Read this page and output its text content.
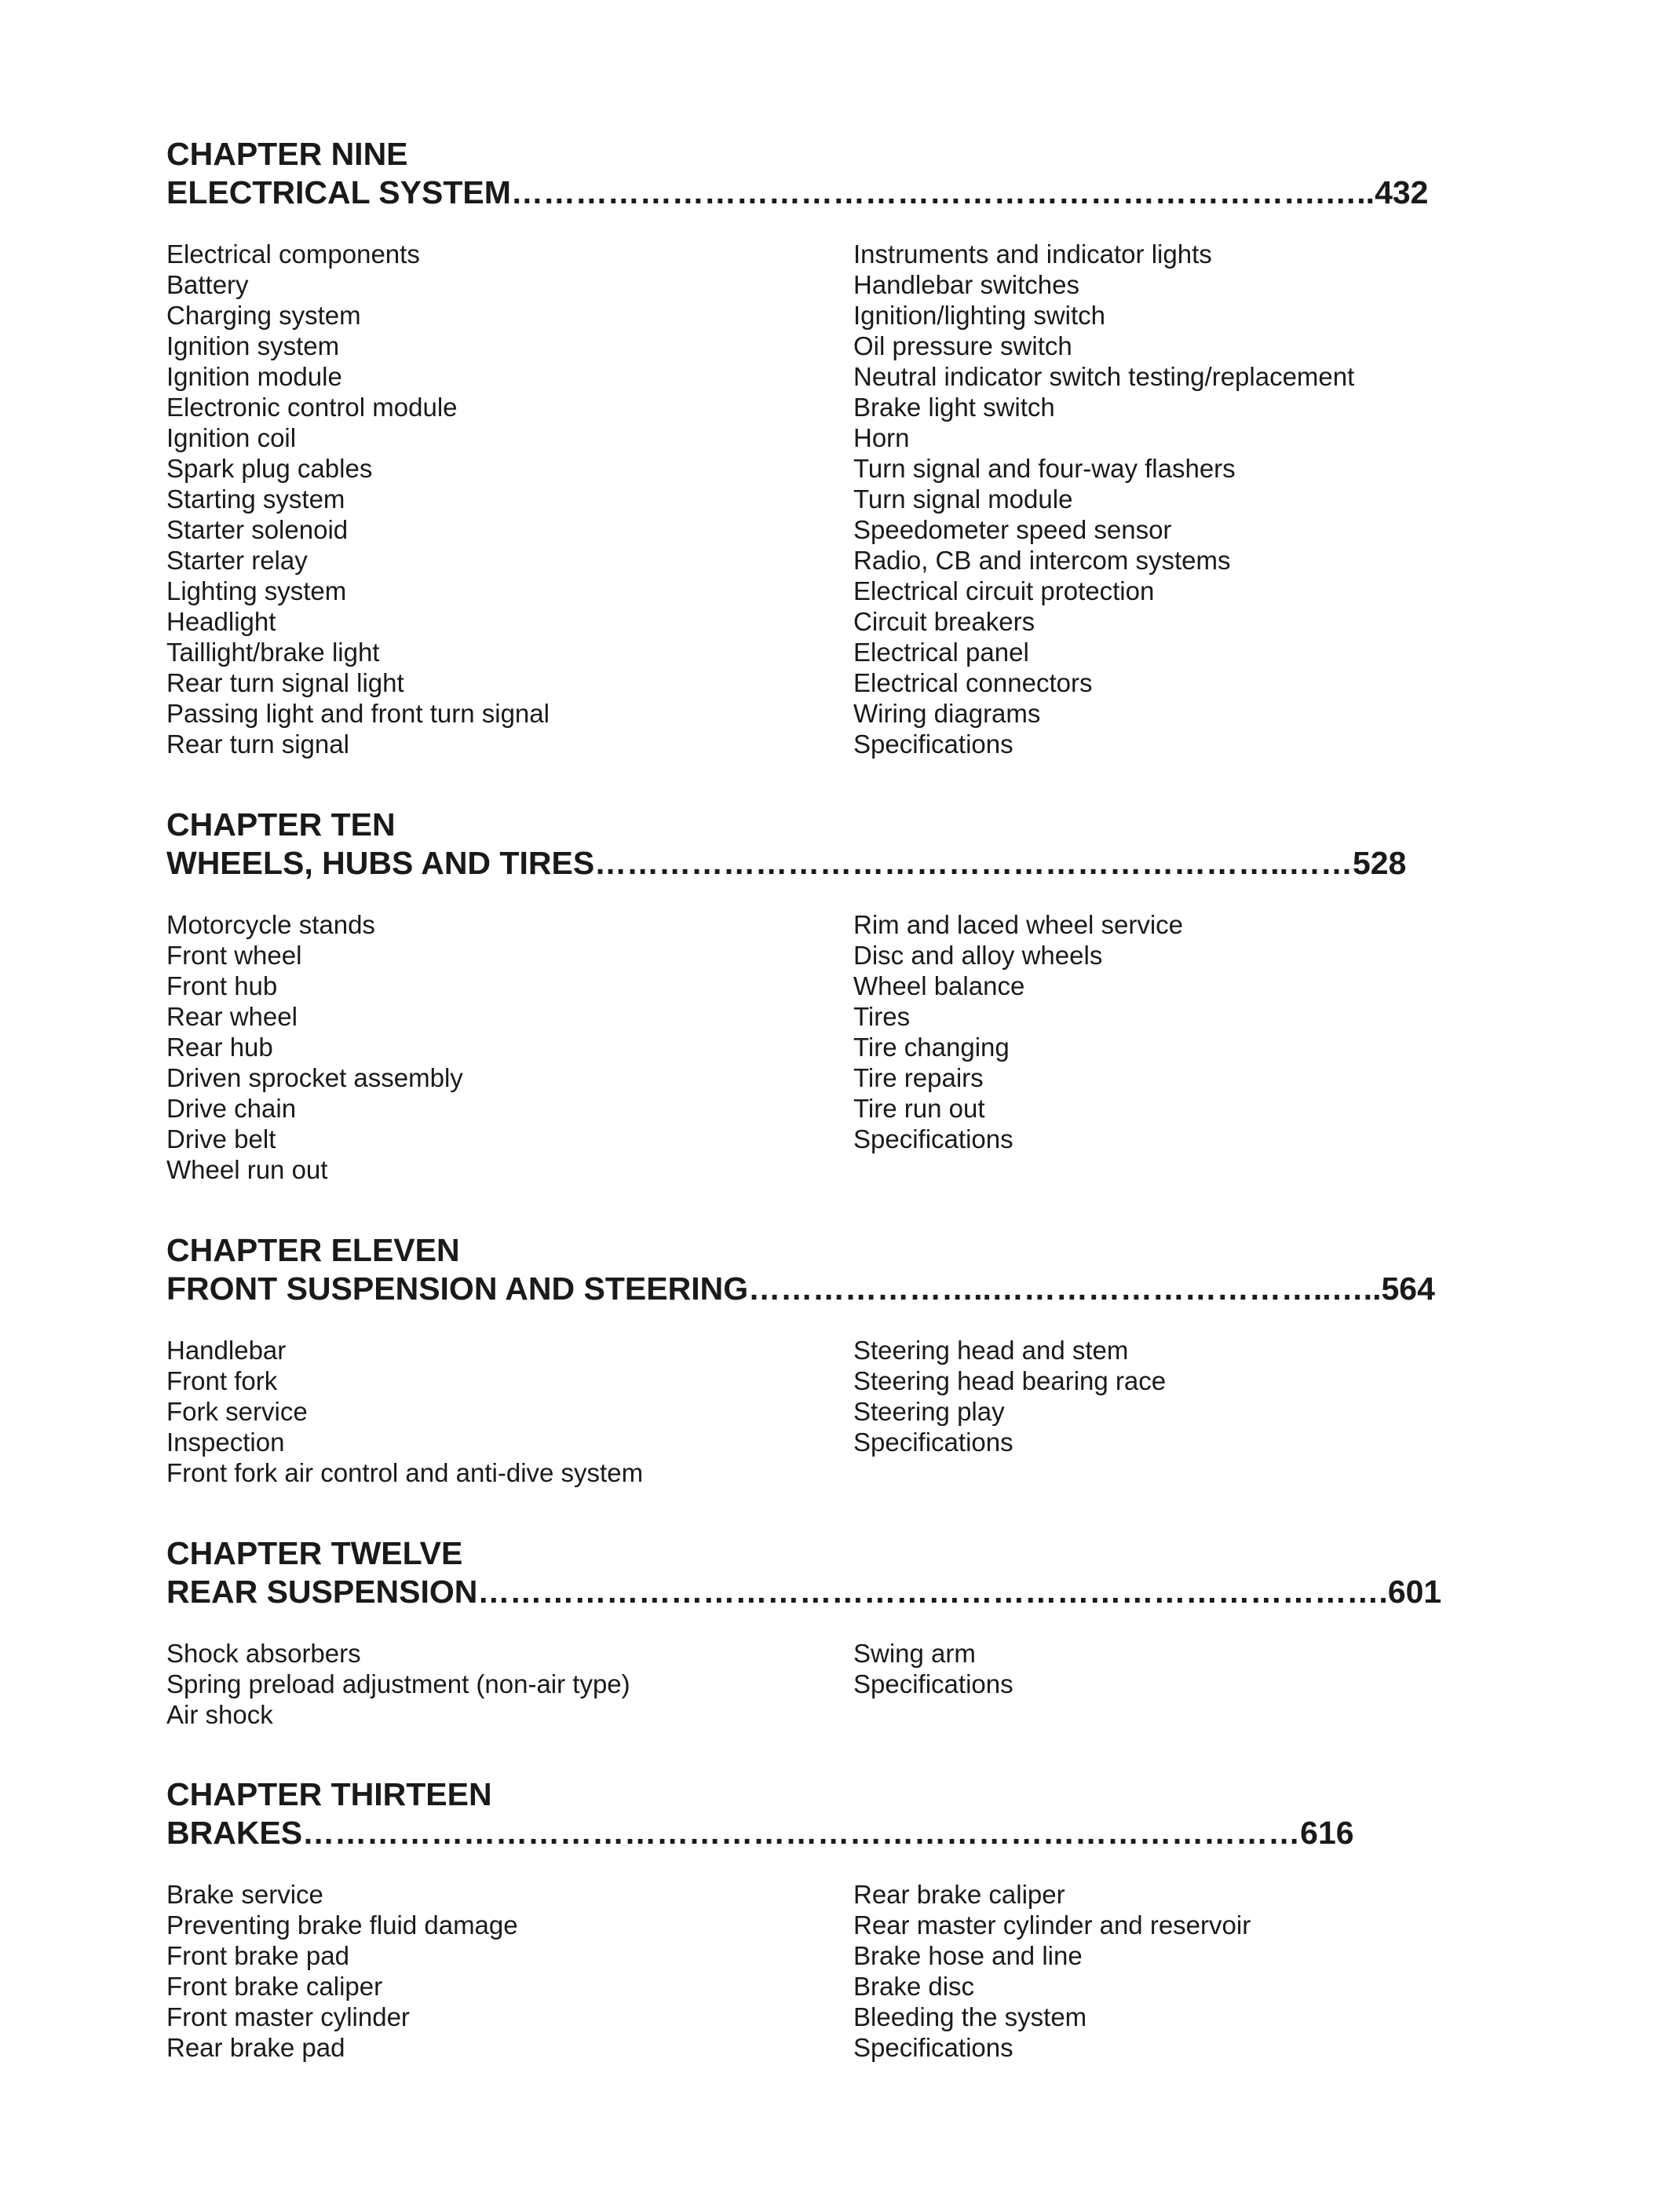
CHAPTER NINE
ELECTRICAL SYSTEM………………………………………………………………….…..432
Electrical components
Battery
Charging system
Ignition system
Ignition module
Electronic control module
Ignition coil
Spark plug cables
Starting system
Starter solenoid
Starter relay
Lighting system
Headlight
Taillight/brake light
Rear turn signal light
Passing light and front turn signal
Rear turn signal
Instruments and indicator lights
Handlebar switches
Ignition/lighting switch
Oil pressure switch
Neutral indicator switch testing/replacement
Brake light switch
Horn
Turn signal and four-way flashers
Turn signal module
Speedometer speed sensor
Radio, CB and intercom systems
Electrical circuit protection
Circuit breakers
Electrical panel
Electrical connectors
Wiring diagrams
Specifications
CHAPTER TEN
WHEELS, HUBS AND TIRES………………………………………………………..……528
Motorcycle stands
Front wheel
Front hub
Rear wheel
Rear hub
Driven sprocket assembly
Drive chain
Drive belt
Wheel run out
Rim and laced wheel service
Disc and alloy wheels
Wheel balance
Tires
Tire changing
Tire repairs
Tire run out
Specifications
CHAPTER ELEVEN
FRONT SUSPENSION AND STEERING…………………..…………………………..…..564
Handlebar
Front fork
Fork service
Inspection
Front fork air control and anti-dive system
Steering head and stem
Steering head bearing race
Steering play
Specifications
CHAPTER TWELVE
REAR SUSPENSION………………………………………………………………………….601
Shock absorbers
Spring preload adjustment (non-air type)
Air shock
Swing arm
Specifications
CHAPTER THIRTEEN
BRAKES…………………………………………………………………………………616
Brake service
Preventing brake fluid damage
Front brake pad
Front brake caliper
Front master cylinder
Rear brake pad
Rear brake caliper
Rear master cylinder and reservoir
Brake hose and line
Brake disc
Bleeding the system
Specifications
